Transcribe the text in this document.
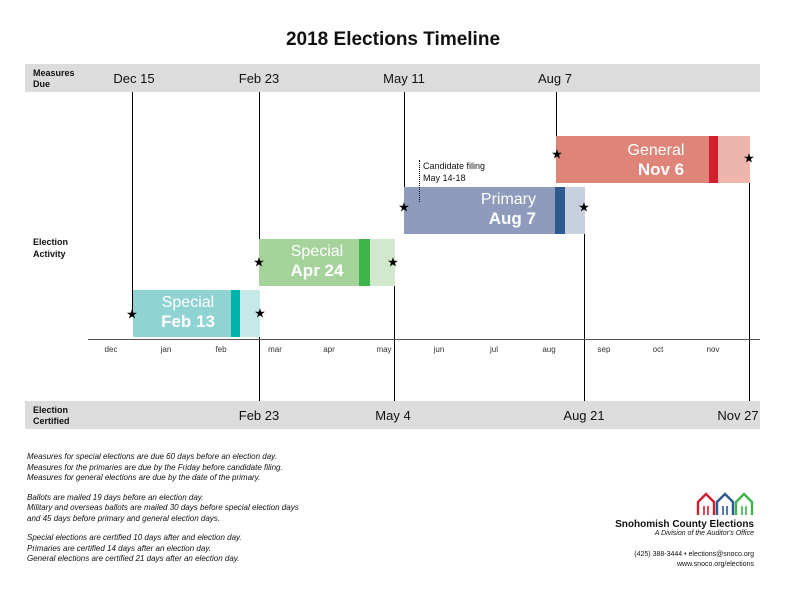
2018 Elections Timeline
Measures
Due	Dec 15	Feb 23	May 11	Aug 7
Election
Activity
Special
Feb 13
Special
Apr 24
Primary
Aug 7
General
Nov 6
Candidate filing
May 14-18
★	★
★	★
★	★
★	★
dec	jan	feb	mar	apr	may	jun	jul	aug	sep	oct	nov
Election
Certified	Feb 23	May 4	Aug 21	Nov 27

Measures for special elections are due 60 days before an election day.
Measures for the primaries are due by the Friday before candidate filing.
Measures for general elections are due by the date of the primary.

Ballots are mailed 19 days before an election day.
Military and overseas ballots are mailed 30 days before special election days
and 45 days before primary and general election days.

Special elections are certified 10 days after and election day.
Primaries are certified 14 days after an election day.
General elections are certified 21 days after an election day.

Snohomish County Elections
A Division of the Auditor's Office
(425) 388-3444 • elections@snoco.org
www.snoco.org/elections
